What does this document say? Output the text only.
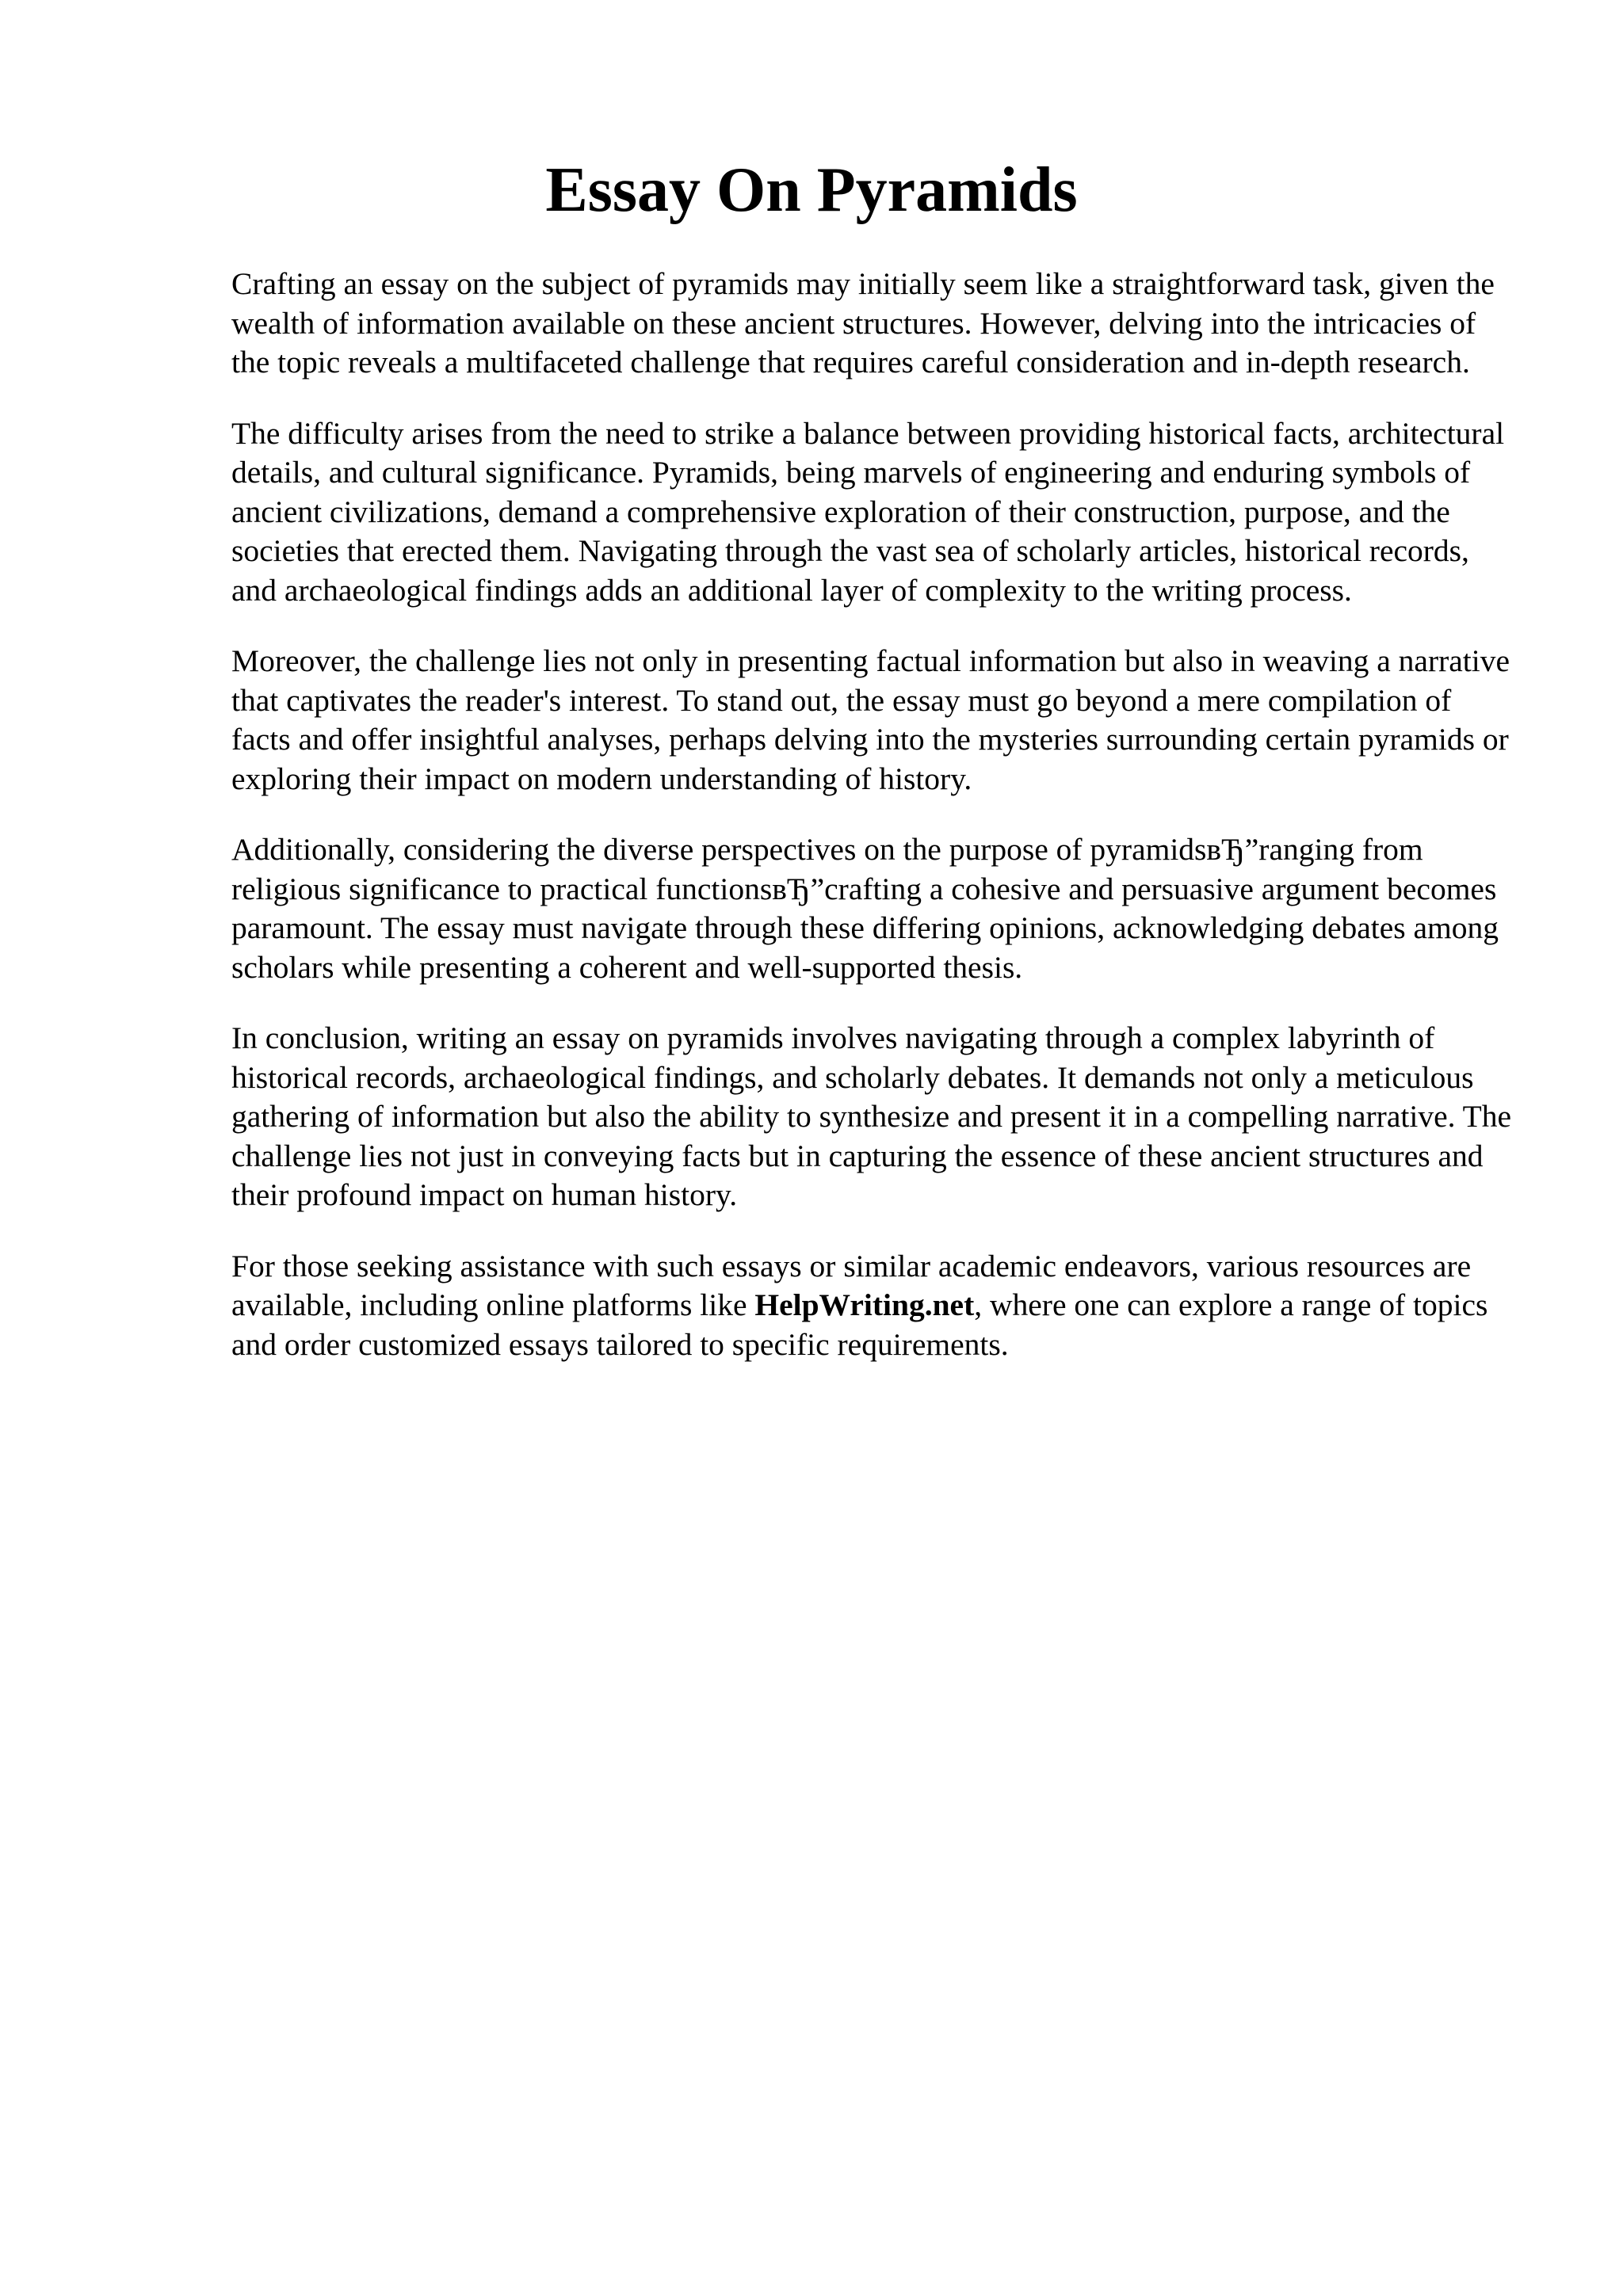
Essay On Pyramids

Crafting an essay on the subject of pyramids may initially seem like a straightforward task, given the wealth of information available on these ancient structures. However, delving into the intricacies of the topic reveals a multifaceted challenge that requires careful consideration and in-depth research.

The difficulty arises from the need to strike a balance between providing historical facts, architectural details, and cultural significance. Pyramids, being marvels of engineering and enduring symbols of ancient civilizations, demand a comprehensive exploration of their construction, purpose, and the societies that erected them. Navigating through the vast sea of scholarly articles, historical records, and archaeological findings adds an additional layer of complexity to the writing process.

Moreover, the challenge lies not only in presenting factual information but also in weaving a narrative that captivates the reader's interest. To stand out, the essay must go beyond a mere compilation of facts and offer insightful analyses, perhaps delving into the mysteries surrounding certain pyramids or exploring their impact on modern understanding of history.

Additionally, considering the diverse perspectives on the purpose of pyramidsвЂ”ranging from religious significance to practical functionsвЂ”crafting a cohesive and persuasive argument becomes paramount. The essay must navigate through these differing opinions, acknowledging debates among scholars while presenting a coherent and well-supported thesis.

In conclusion, writing an essay on pyramids involves navigating through a complex labyrinth of historical records, archaeological findings, and scholarly debates. It demands not only a meticulous gathering of information but also the ability to synthesize and present it in a compelling narrative. The challenge lies not just in conveying facts but in capturing the essence of these ancient structures and their profound impact on human history.

For those seeking assistance with such essays or similar academic endeavors, various resources are available, including online platforms like HelpWriting.net, where one can explore a range of topics and order customized essays tailored to specific requirements.
